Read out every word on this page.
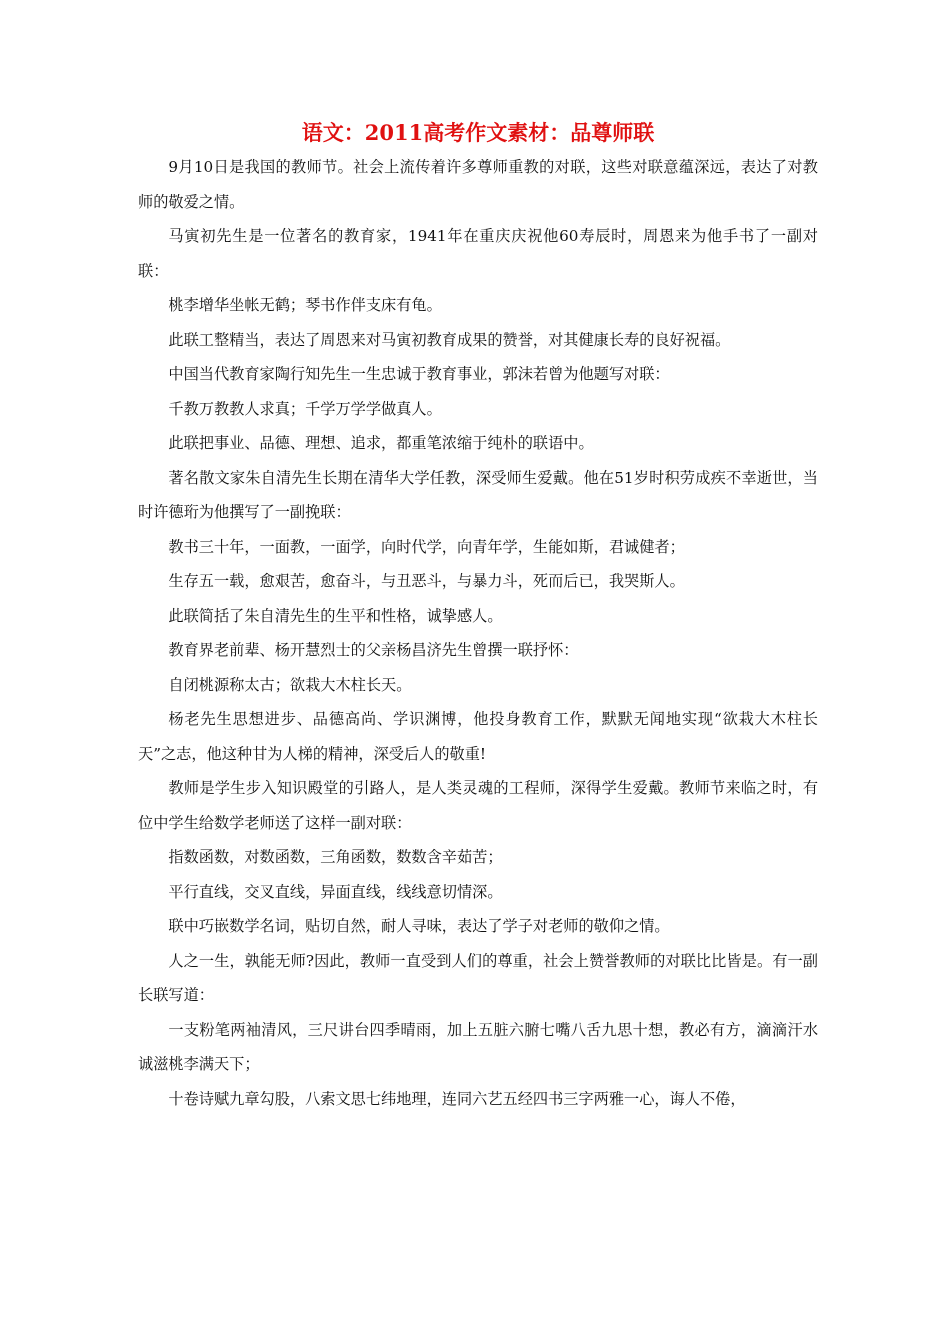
语文：2011高考作文素材：品尊师联

9月10日是我国的教师节。社会上流传着许多尊师重教的对联，这些对联意蕴深远，表达了对教师的敬爱之情。

马寅初先生是一位著名的教育家，1941年在重庆庆祝他60寿辰时，周恩来为他手书了一副对联：

桃李增华坐帐无鹤；琴书作伴支床有龟。

此联工整精当，表达了周恩来对马寅初教育成果的赞誉，对其健康长寿的良好祝福。

中国当代教育家陶行知先生一生忠诚于教育事业，郭沫若曾为他题写对联：

千教万教教人求真；千学万学学做真人。

此联把事业、品德、理想、追求，都重笔浓缩于纯朴的联语中。

著名散文家朱自清先生长期在清华大学任教，深受师生爱戴。他在51岁时积劳成疾不幸逝世，当时许德珩为他撰写了一副挽联：

教书三十年，一面教，一面学，向时代学，向青年学，生能如斯，君诚健者；

生存五一载，愈艰苦，愈奋斗，与丑恶斗，与暴力斗，死而后已，我哭斯人。

此联简括了朱自清先生的生平和性格，诚挚感人。

教育界老前辈、杨开慧烈士的父亲杨昌济先生曾撰一联抒怀：

自闭桃源称太古；欲栽大木柱长天。

杨老先生思想进步、品德高尚、学识渊博，他投身教育工作，默默无闻地实现“欲栽大木柱长天”之志，他这种甘为人梯的精神，深受后人的敬重!

教师是学生步入知识殿堂的引路人，是人类灵魂的工程师，深得学生爱戴。教师节来临之时，有位中学生给数学老师送了这样一副对联：

指数函数，对数函数，三角函数，数数含辛茹苦；

平行直线，交叉直线，异面直线，线线意切情深。

联中巧嵌数学名词，贴切自然，耐人寻味，表达了学子对老师的敬仰之情。

人之一生，孰能无师?因此，教师一直受到人们的尊重，社会上赞誉教师的对联比比皆是。有一副长联写道：

一支粉笔两袖清风，三尺讲台四季晴雨，加上五脏六腑七嘴八舌九思十想，教必有方，滴滴汗水诚滋桃李满天下；

十卷诗赋九章勾股，八索文思七纬地理，连同六艺五经四书三字两雅一心，诲人不倦，
